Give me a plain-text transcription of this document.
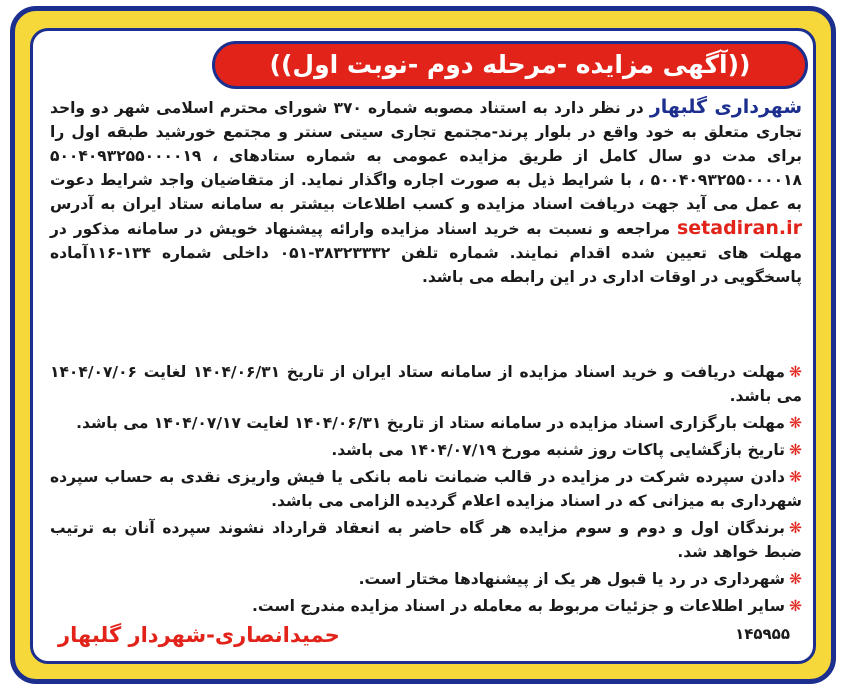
((آگهی مزایده -مرحله دوم -نوبت اول))
شهرداری گلبهار در نظر دارد به استناد مصوبه شماره ۳۷۰ شورای محترم اسلامی شهر دو واحد تجاری متعلق به خود واقع در بلوار پرند-مجتمع تجاری سیتی سنتر و مجتمع خورشید طبقه اول را برای مدت دو سال کامل از طریق مزایده عمومی به شماره ستادهای ۵۰۰۴۰۹۳۲۵۵۰۰۰۰۱۹ ، ۵۰۰۴۰۹۳۲۵۵۰۰۰۰۱۸ ، با شرایط ذیل به صورت اجاره واگذار نماید. از متقاضیان واجد شرایط دعوت به عمل می آید جهت دریافت اسناد مزایده و کسب اطلاعات بیشتر به سامانه ستاد ایران به آدرس setadiran.ir مراجعه و نسبت به خرید اسناد مزایده وارائه پیشنهاد خویش در سامانه مذکور در مهلت های تعیین شده اقدام نمایند. شماره تلفن ۳۸۳۲۳۳۳۲-۰۵۱ داخلی شماره ۱۳۴-۱۱۶آماده پاسخگویی در اوقات اداری در این رابطه می باشد.
❋مهلت دریافت و خرید اسناد مزایده از سامانه ستاد ایران از تاریخ ۱۴۰۴/۰۶/۳۱ لغایت ۱۴۰۴/۰۷/۰۶ می باشد.
❋مهلت بارگزاری اسناد مزایده در سامانه ستاد از تاریخ ۱۴۰۴/۰۶/۳۱ لغایت ۱۴۰۴/۰۷/۱۷ می باشد.
❋تاریخ بازگشایی پاکات روز شنبه مورخ ۱۴۰۴/۰۷/۱۹ می باشد.
❋دادن سپرده شرکت در مزایده در قالب ضمانت نامه بانکی یا فیش واریزی نقدی به حساب سپرده شهرداری به میزانی که در اسناد مزایده اعلام گردیده الزامی می باشد.
❋برندگان اول و دوم و سوم مزایده هر گاه حاضر به انعقاد قرارداد نشوند سپرده آنان به ترتیب ضبط خواهد شد.
❋شهرداری در رد یا قبول هر یک از پیشنهادها مختار است.
❋سایر اطلاعات و جزئیات مربوط به معامله در اسناد مزایده مندرج است.
حمیدانصاری-شهردار گلبهار	۱۴۵۹۵۵
